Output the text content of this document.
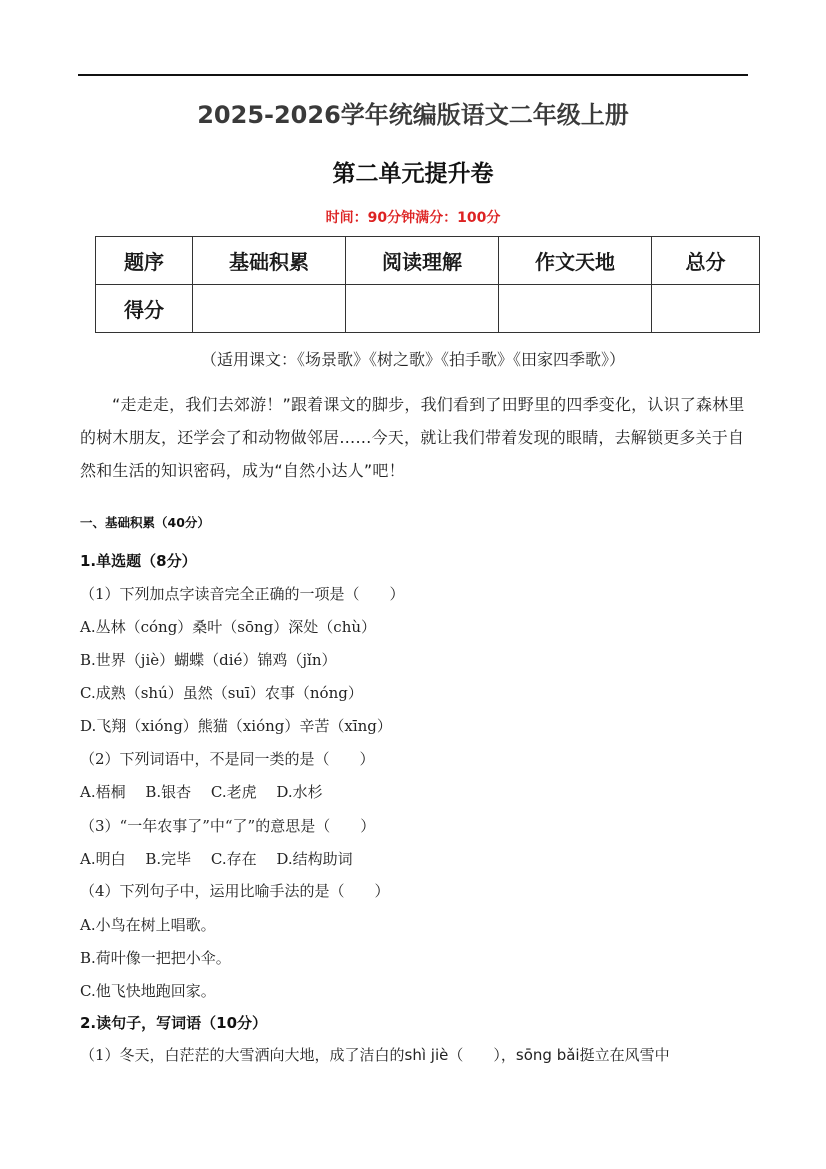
2025-2026学年统编版语文二年级上册
第二单元提升卷
时间：90分钟满分：100分
题序	基础积累	阅读理解	作文天地	总分
得分				
（适用课文：《场景歌》《树之歌》《拍手歌》《田家四季歌》）
“走走走，我们去郊游！”跟着课文的脚步，我们看到了田野里的四季变化，认识了森林里的树木朋友，还学会了和动物做邻居……今天，就让我们带着发现的眼睛，去解锁更多关于自然和生活的知识密码，成为“自然小达人”吧！
一、基础积累（40分）
1.单选题（8分）
（1）下列加点字读音完全正确的一项是（　　）
A.丛林（cóng）桑叶（sōng）深处（chù）
B.世界（jiè）蝴蝶（dié）锦鸡（jǐn）
C.成熟（shú）虽然（suī）农事（nóng）
D.飞翔（xióng）熊猫（xióng）辛苦（xīng）
（2）下列词语中，不是同一类的是（　　）
A.梧桐　 B.银杏　 C.老虎　 D.水杉
（3）“一年农事了”中“了”的意思是（　　）
A.明白　 B.完毕　 C.存在　 D.结构助词
（4）下列句子中，运用比喻手法的是（　　）
A.小鸟在树上唱歌。
B.荷叶像一把把小伞。
C.他飞快地跑回家。
2.读句子，写词语（10分）
（1）冬天，白茫茫的大雪洒向大地，成了洁白的shì jiè（　　），sōng bǎi挺立在风雪中
